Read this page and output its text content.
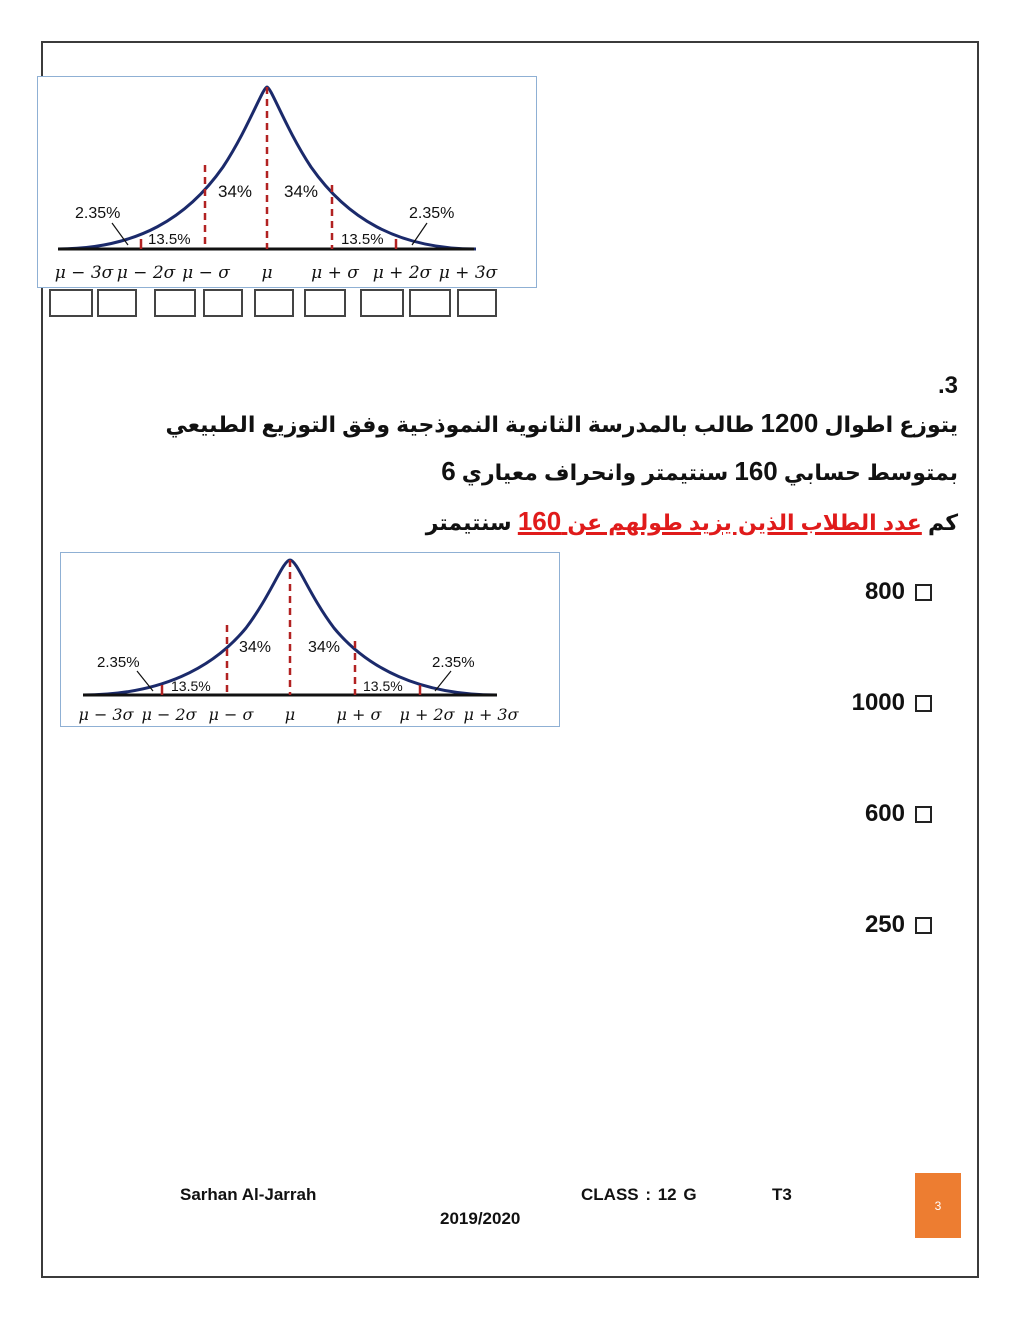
34% 34%
13.5%	13.5%
2.35%	2.35%
μ − 3σ μ − 2σ μ − σ μ μ + σ μ + 2σ μ + 3σ
.3
يتوزع اطوال 1200 طالب بالمدرسة الثانوية النموذجية وفق التوزيع الطبيعي
بمتوسط حسابي 160 سنتيمتر وانحراف معياري 6
كم عدد الطلاب الذين يزيد طولهم عن 160 سنتيمتر
34% 34%
13.5%	13.5%
2.35%	2.35%
μ − 3σ μ − 2σ μ − σ μ	μ + σ μ + 2σ μ + 3σ
800
1000
600
250
Sarhan Al-Jarrah	CLASS : 12 G	T3
2019/2020
3
